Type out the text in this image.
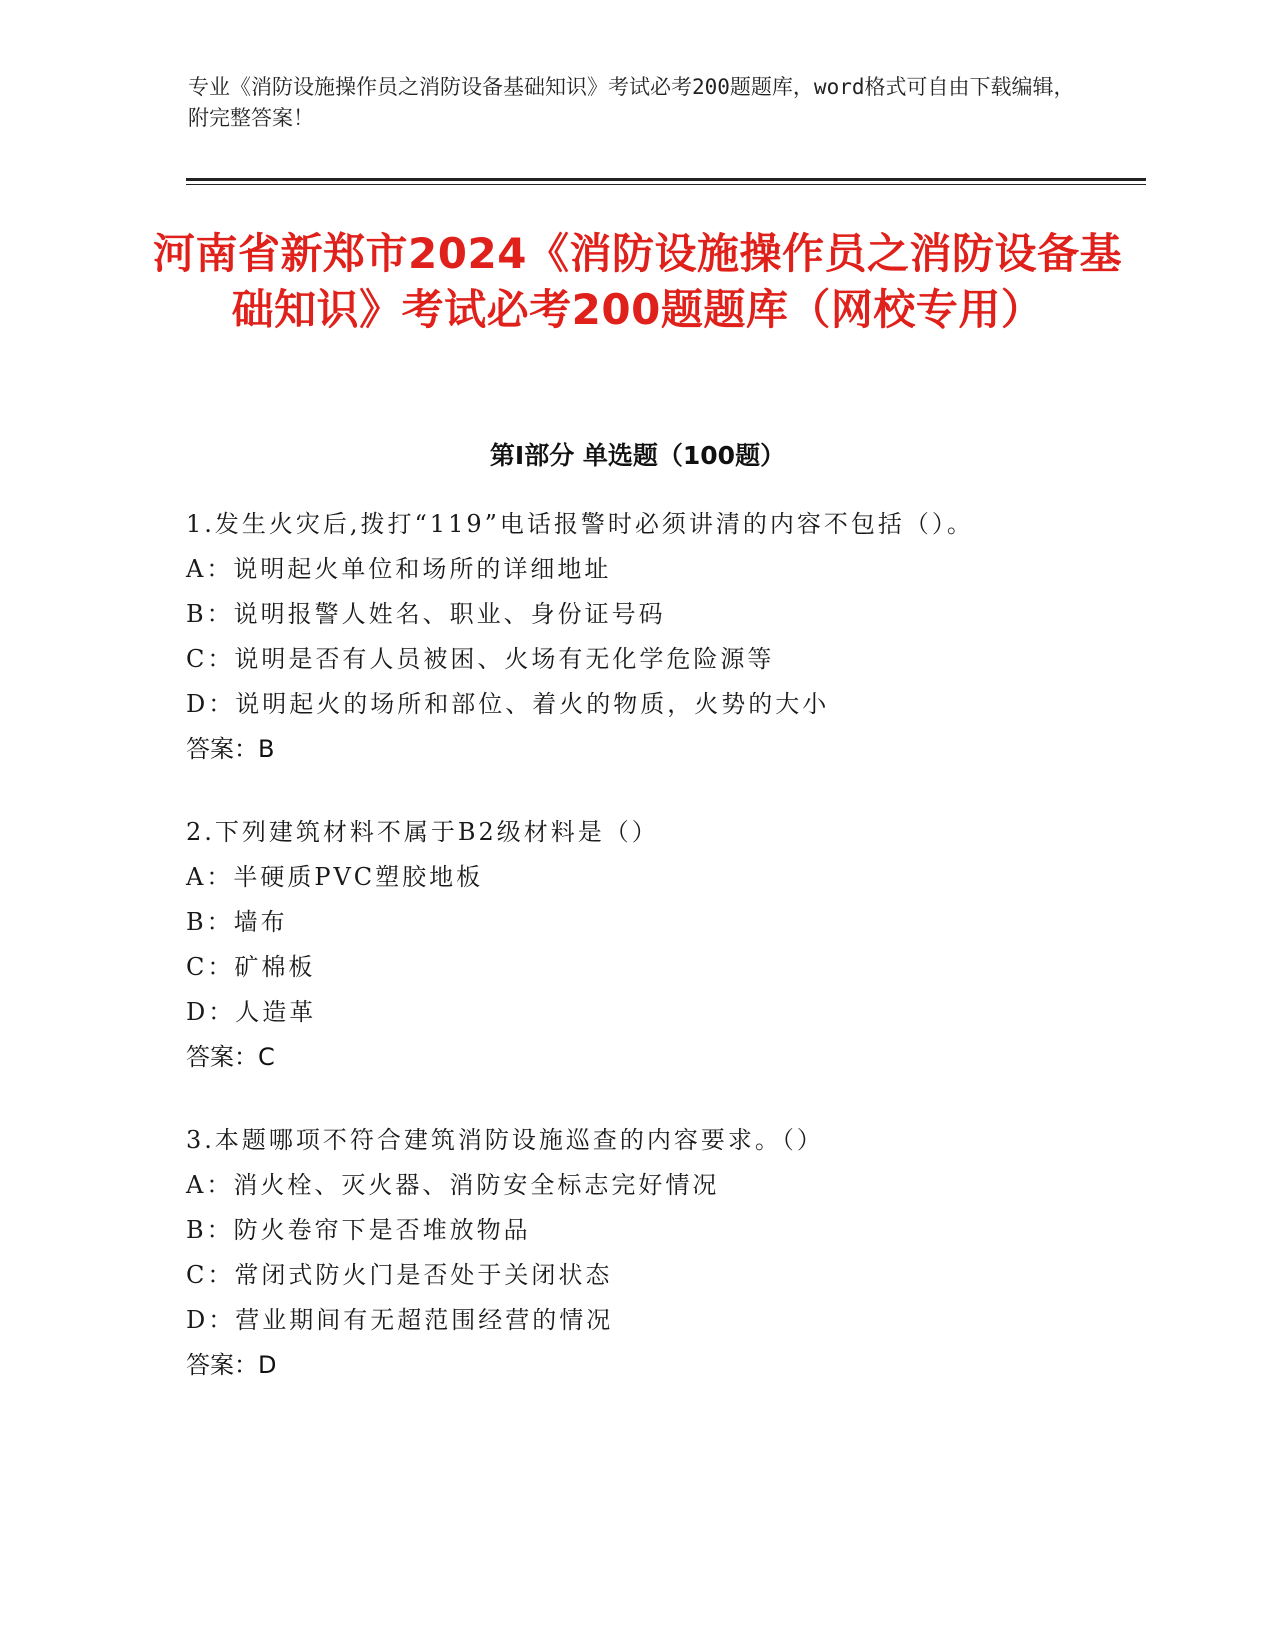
专业《消防设施操作员之消防设备基础知识》考试必考200题题库，word格式可自由下载编辑，附完整答案！
河南省新郑市2024《消防设施操作员之消防设备基础知识》考试必考200题题库（网校专用）
第I部分 单选题（100题）
1.发生火灾后,拨打“119”电话报警时必须讲清的内容不包括（）。
A：说明起火单位和场所的详细地址
B：说明报警人姓名、职业、身份证号码
C：说明是否有人员被困、火场有无化学危险源等
D：说明起火的场所和部位、着火的物质，火势的大小
答案：B
2.下列建筑材料不属于B2级材料是（）
A：半硬质PVC塑胶地板
B：墙布
C：矿棉板
D：人造革
答案：C
3.本题哪项不符合建筑消防设施巡查的内容要求。（）
A：消火栓、灭火器、消防安全标志完好情况
B：防火卷帘下是否堆放物品
C：常闭式防火门是否处于关闭状态
D：营业期间有无超范围经营的情况
答案：D
